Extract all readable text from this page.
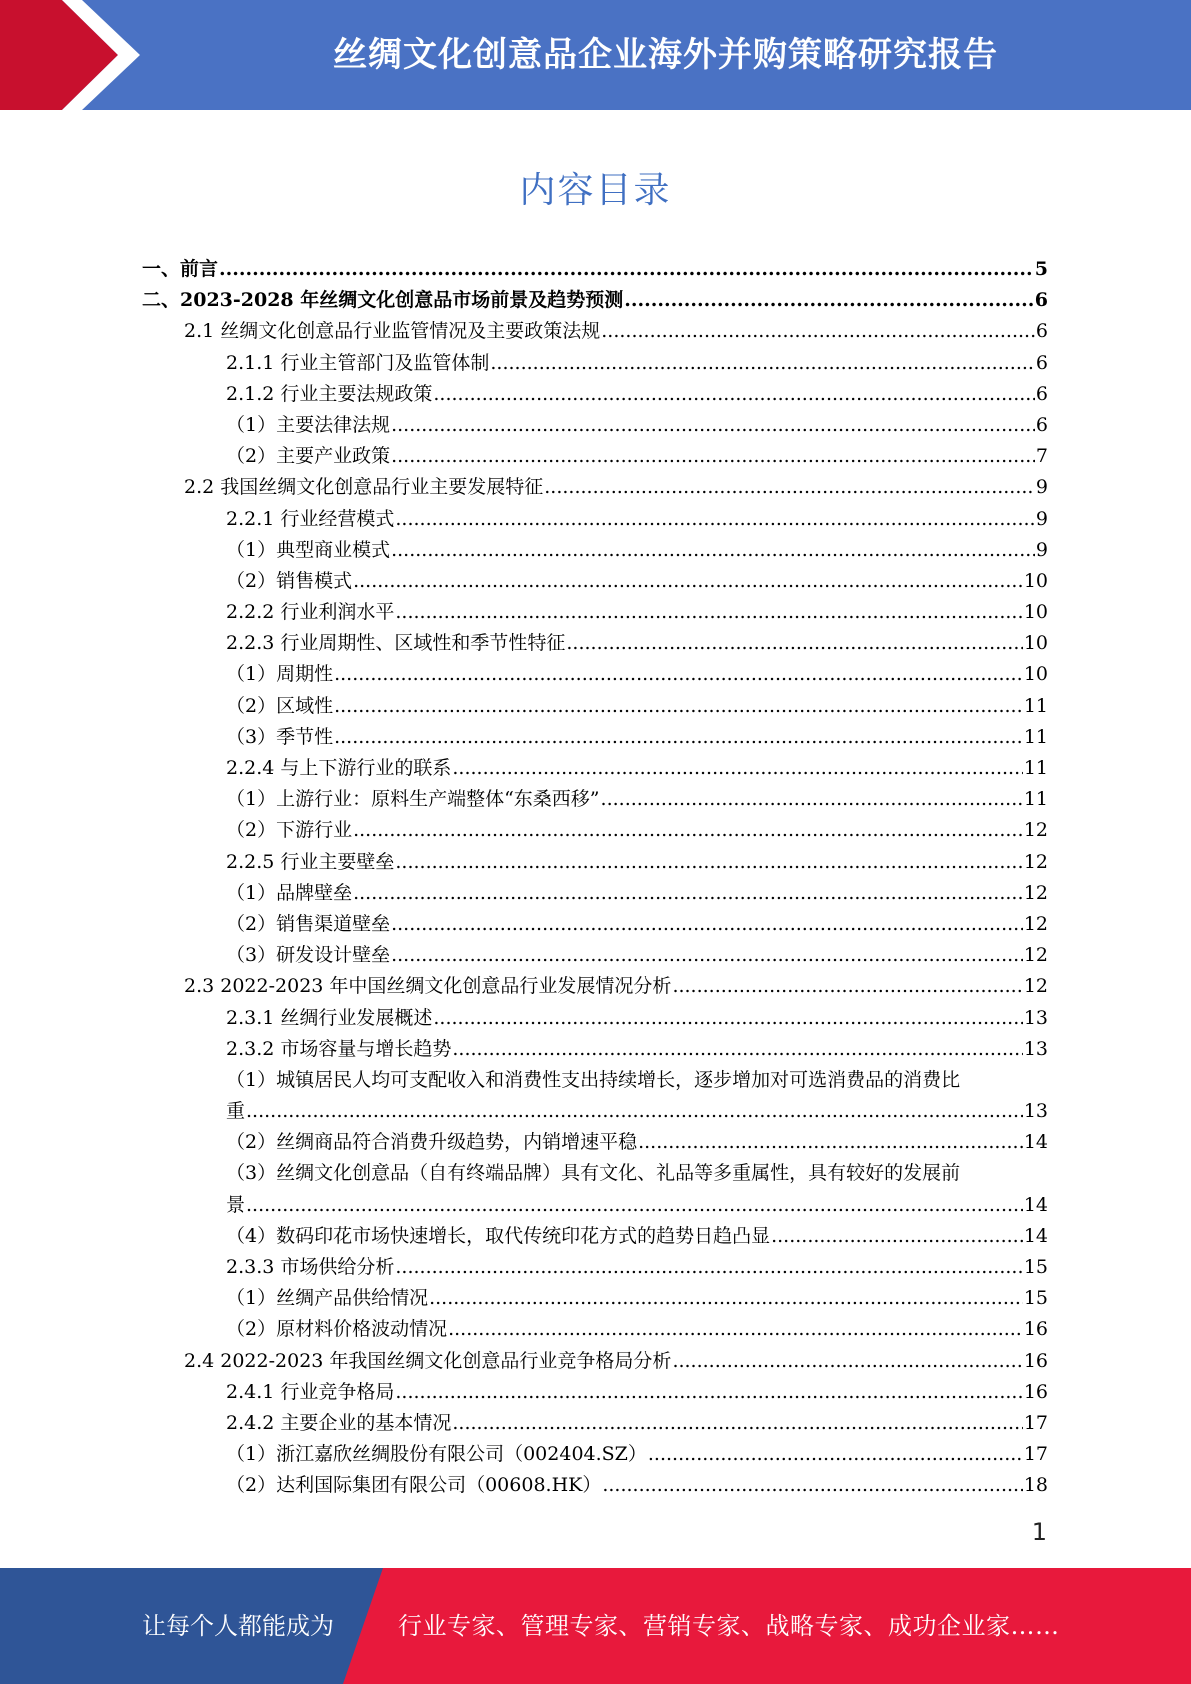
丝绸文化创意品企业海外并购策略研究报告
内容目录
一、前言 .....	5
二、2023-2028 年丝绸文化创意品市场前景及趋势预测 .....	6
2.1 丝绸文化创意品行业监管情况及主要政策法规 .....	6
2.1.1 行业主管部门及监管体制 .....	6
2.1.2 行业主要法规政策 .....	6
（1）主要法律法规 .....	6
（2）主要产业政策 .....	7
2.2 我国丝绸文化创意品行业主要发展特征 .....	9
2.2.1 行业经营模式 .....	9
（1）典型商业模式 .....	9
（2）销售模式 .....	10
2.2.2 行业利润水平 .....	10
2.2.3 行业周期性、区域性和季节性特征 .....	10
（1）周期性 .....	10
（2）区域性 .....	11
（3）季节性 .....	11
2.2.4 与上下游行业的联系 .....	11
（1）上游行业：原料生产端整体“东桑西移” .....	11
（2）下游行业 .....	12
2.2.5 行业主要壁垒 .....	12
（1）品牌壁垒 .....	12
（2）销售渠道壁垒 .....	12
（3）研发设计壁垒 .....	12
2.3 2022-2023 年中国丝绸文化创意品行业发展情况分析 .....	12
2.3.1 丝绸行业发展概述 .....	13
2.3.2 市场容量与增长趋势 .....	13
（1）城镇居民人均可支配收入和消费性支出持续增长，逐步增加对可选消费品的消费比
重 .....	13
（2）丝绸商品符合消费升级趋势，内销增速平稳 .....	14
（3）丝绸文化创意品（自有终端品牌）具有文化、礼品等多重属性，具有较好的发展前
景 .....	14
（4）数码印花市场快速增长，取代传统印花方式的趋势日趋凸显 .....	14
2.3.3 市场供给分析 .....	15
（1）丝绸产品供给情况 .....	15
（2）原材料价格波动情况 .....	16
2.4 2022-2023 年我国丝绸文化创意品行业竞争格局分析 .....	16
2.4.1 行业竞争格局 .....	16
2.4.2 主要企业的基本情况 .....	17
（1）浙江嘉欣丝绸股份有限公司（002404.SZ） .....	17
（2）达利国际集团有限公司（00608.HK） .....	18
1
让每个人都能成为	行业专家、管理专家、营销专家、战略专家、成功企业家……
